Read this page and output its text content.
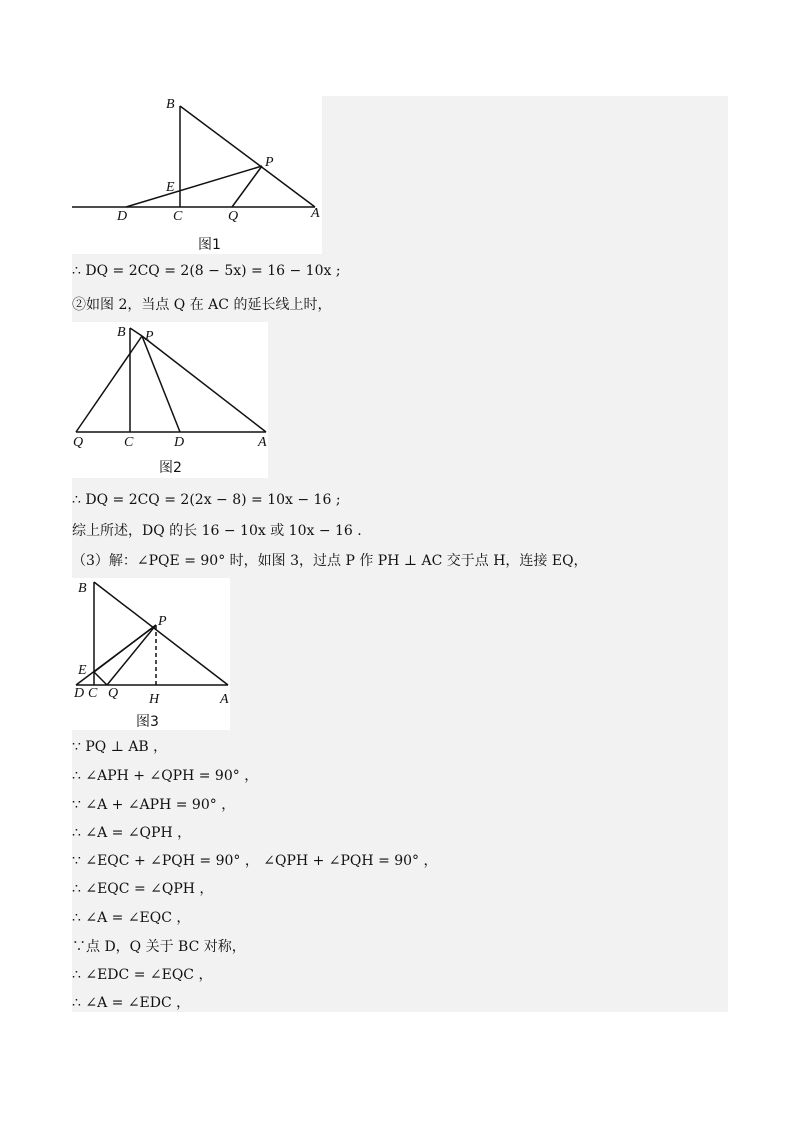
B
P
E
D	C	Q	A
图1
∴ DQ = 2CQ = 2(8 − 5x) = 16 − 10x ;
②如图 2，当点 Q 在 AC 的延长线上时，
B P
Q	C	D	A
图2
∴ DQ = 2CQ = 2(2x − 8) = 10x − 16 ;
综上所述，DQ 的长 16 − 10x 或 10x − 16 .
（3）解：∠PQE = 90° 时，如图 3，过点 P 作 PH ⊥ AC 交于点 H，连接 EQ，
B
P
E
D C Q H	A
图3
∵ PQ ⊥ AB ，
∴ ∠APH + ∠QPH = 90° ，
∵ ∠A + ∠APH = 90° ，
∴ ∠A = ∠QPH ，
∵ ∠EQC + ∠PQH = 90° ， ∠QPH + ∠PQH = 90° ，
∴ ∠EQC = ∠QPH ，
∴ ∠A = ∠EQC ，
∵点 D，Q 关于 BC 对称，
∴ ∠EDC = ∠EQC ，
∴ ∠A = ∠EDC ，
